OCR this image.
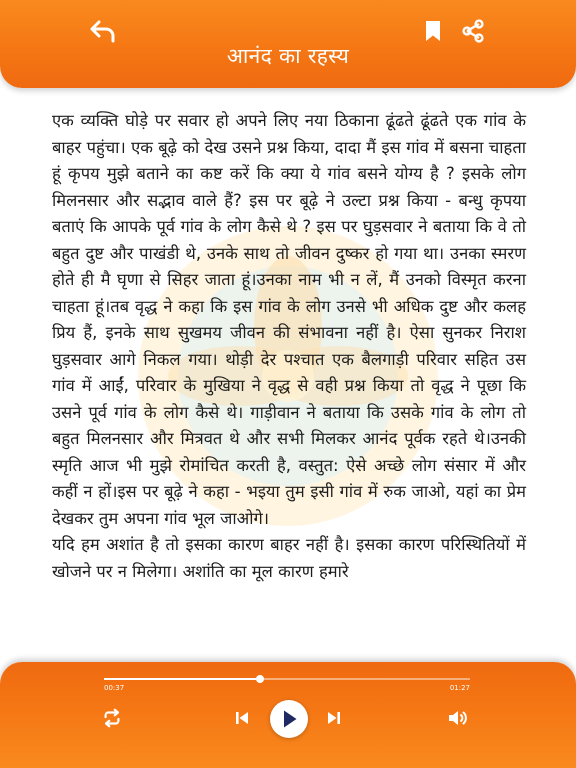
आनंद का रहस्य

एक व्यक्ति घोड़े पर सवार हो अपने लिए नया ठिकाना ढूंढते ढूंढते एक गांव के बाहर पहुंचा। एक बूढ़े को देख उसने प्रश्न किया, दादा मैं इस गांव में बसना चाहता हूं कृपय मुझे बताने का कष्ट करें कि क्या ये गांव बसने योग्य है ? इसके लोग मिलनसार और सद्भाव वाले हैं? इस पर बूढ़े ने उल्टा प्रश्न किया - बन्धु कृपया बताएं कि आपके पूर्व गांव के लोग कैसे थे ? इस पर घुड़सवार ने बताया कि वे तो बहुत दुष्ट और पाखंडी थे, उनके साथ तो जीवन दुष्कर हो गया था। उनका स्मरण होते ही मै घृणा से सिहर जाता हूं।उनका नाम भी न लें, मैं उनको विस्मृत करना चाहता हूं।तब वृद्ध ने कहा कि इस गांव के लोग उनसे भी अधिक दुष्ट और कलह प्रिय हैं, इनके साथ सुखमय जीवन की संभावना नहीं है। ऐसा सुनकर निराश घुड़सवार आगे निकल गया। थोड़ी देर पश्चात एक बैलगाड़ी परिवार सहित उस गांव में आईं, परिवार के मुखिया ने वृद्ध से वही प्रश्न किया तो वृद्ध ने पूछा कि उसने पूर्व गांव के लोग कैसे थे। गाड़ीवान ने बताया कि उसके गांव के लोग तो बहुत मिलनसार और मित्रवत थे और सभी मिलकर आनंद पूर्वक रहते थे।उनकी स्मृति आज भी मुझे रोमांचित करती है, वस्तुत: ऐसे अच्छे लोग संसार में और कहीं न हों।इस पर बूढ़े ने कहा - भइया तुम इसी गांव में रुक जाओ, यहां का प्रेम देखकर तुम अपना गांव भूल जाओगे।

यदि हम अशांत है तो इसका कारण बाहर नहीं है। इसका कारण परिस्थितियों में खोजने पर न मिलेगा। अशांति का मूल कारण हमारे

00:37	01:27
